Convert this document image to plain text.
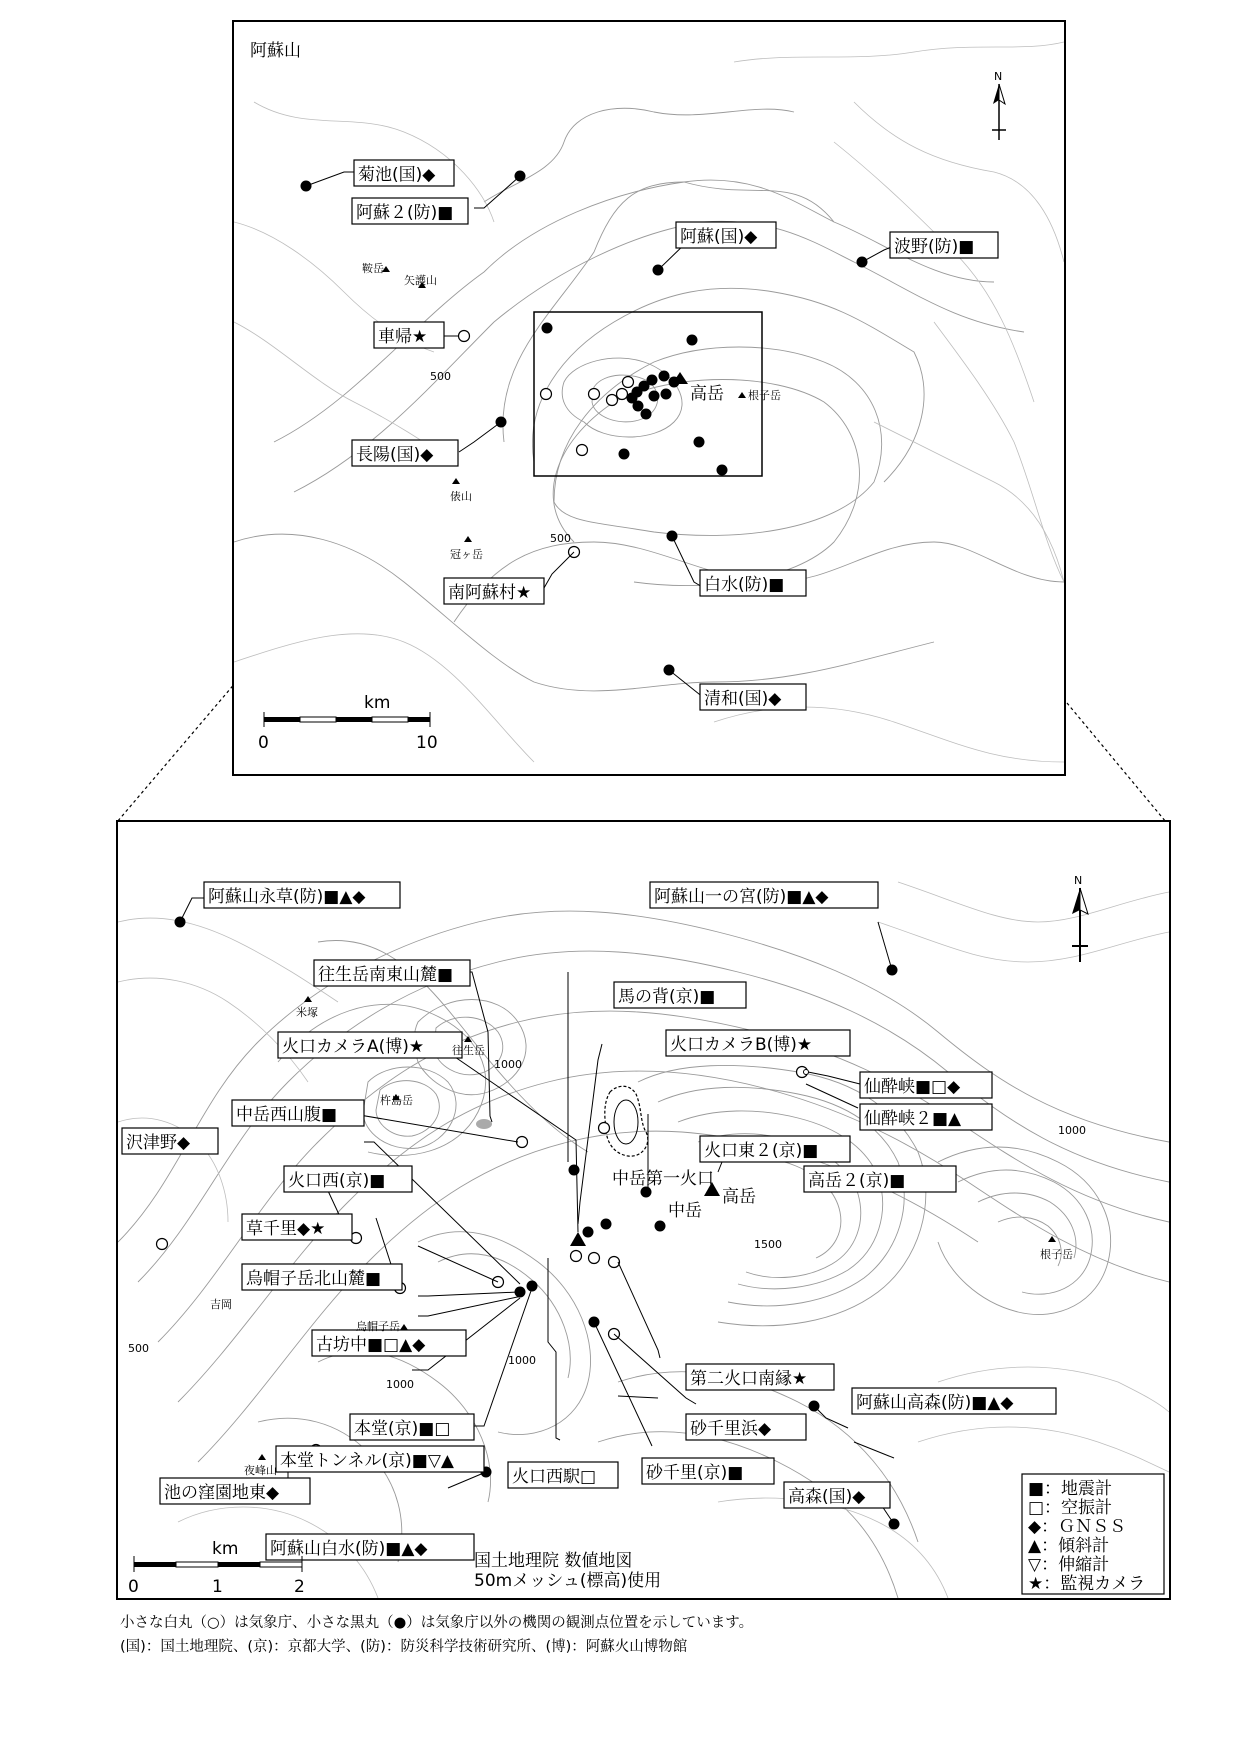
阿蘇山
N
菊池(国)◆
阿蘇２(防)■
阿蘇(国)◆	波野(防)■
車帰★
長陽(国)◆
南阿蘇村★	白水(防)■
清和(国)◆
鞍岳
矢護山
高岳 根子岳
俵山
冠ヶ岳
500
500
km
0	10
N
阿蘇山永草(防)■▲◆	阿蘇山一の宮(防)■▲◆
往生岳南東山麓■
馬の背(京)■
火口カメラA(博)★	火口カメラB(博)★
仙酔峡■□◆
仙酔峡２■▲
中岳西山腹■
沢津野◆	火口東２(京)■
火口西(京)■	高岳２(京)■
草千里◆★
烏帽子岳北山麓■
古坊中■□▲◆
第二火口南縁★
本堂(京)■□	砂千里浜◆
本堂トンネル(京)■▽▲
阿蘇山高森(防)■▲◆
火口西駅□	砂千里(京)■
池の窪園地東◆
阿蘇山白水(防)■▲◆
高森(国)◆
中岳第一火口
高岳
中岳
米塚
往生岳
杵島岳
烏帽子岳
吉岡
根子岳
夜峰山
500
1000
1000
1000
1000
1500
■：地震計
□：空振計
◆：ＧＮＳＳ
▲：傾斜計
▽：伸縮計
★：監視カメラ
国土地理院 数値地図
50mメッシュ(標高)使用
km
0	1	2
小さな白丸（○）は気象庁、小さな黒丸（●）は気象庁以外の機関の観測点位置を示しています。
(国)：国土地理院、(京)：京都大学、(防)：防災科学技術研究所、(博)：阿蘇火山博物館
